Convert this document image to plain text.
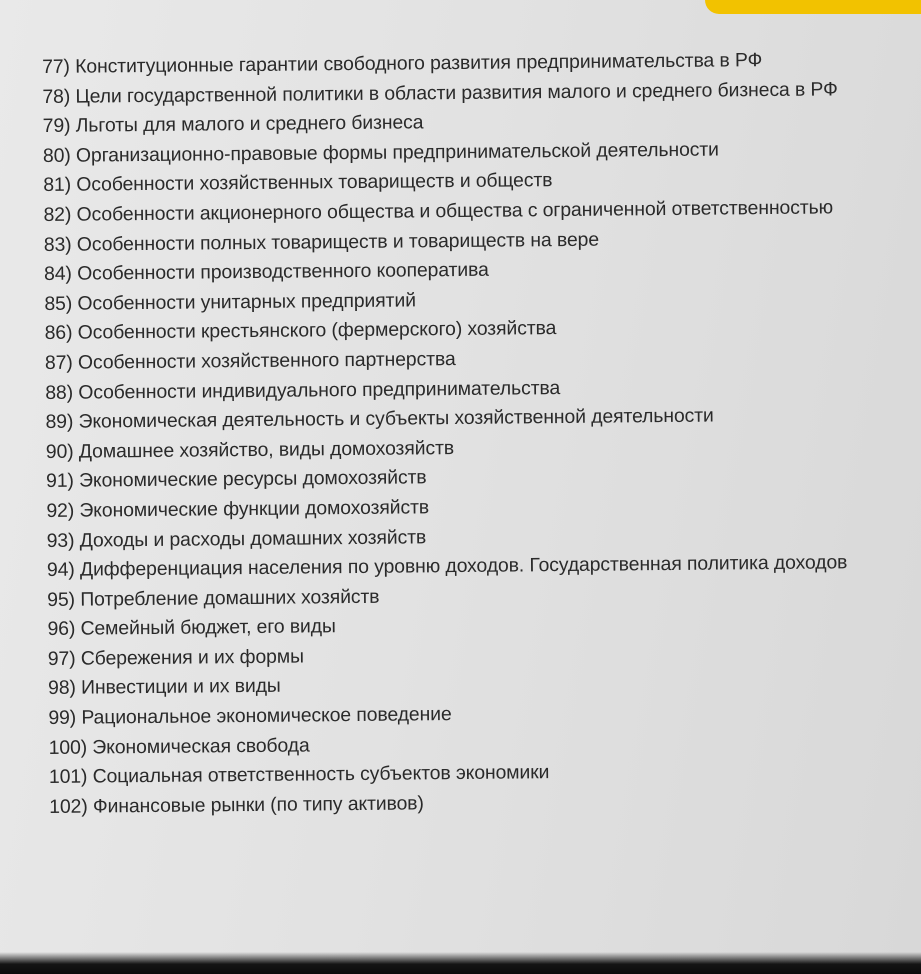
77) Конституционные гарантии свободного развития предпринимательства в РФ
78) Цели государственной политики в области развития малого и среднего бизнеса в РФ
79) Льготы для малого и среднего бизнеса
80) Организационно-правовые формы предпринимательской деятельности
81) Особенности хозяйственных товариществ и обществ
82) Особенности акционерного общества и общества с ограниченной ответственностью
83) Особенности полных товариществ и товариществ на вере
84) Особенности производственного кооператива
85) Особенности унитарных предприятий
86) Особенности крестьянского (фермерского) хозяйства
87) Особенности хозяйственного партнерства
88) Особенности индивидуального предпринимательства
89) Экономическая деятельность и субъекты хозяйственной деятельности
90) Домашнее хозяйство, виды домохозяйств
91) Экономические ресурсы домохозяйств
92) Экономические функции домохозяйств
93) Доходы и расходы домашних хозяйств
94) Дифференциация населения по уровню доходов. Государственная политика доходов
95) Потребление домашних хозяйств
96) Семейный бюджет, его виды
97) Сбережения и их формы
98) Инвестиции и их виды
99) Рациональное экономическое поведение
100) Экономическая свобода
101) Социальная ответственность субъектов экономики
102) Финансовые рынки (по типу активов)
